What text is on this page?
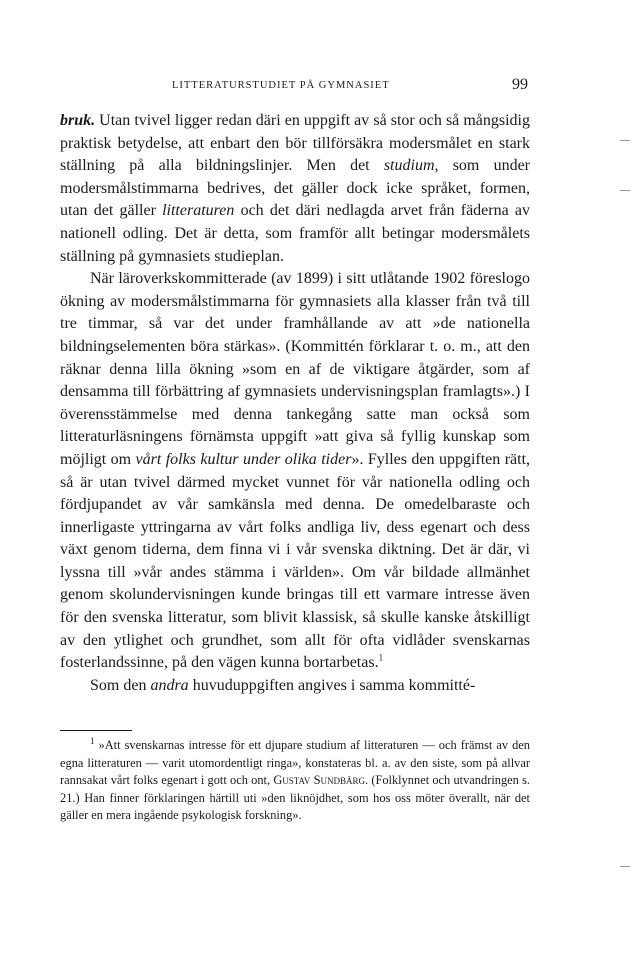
LITTERATURSTUDIET PÅ GYMNASIET	99

bruk. Utan tvivel ligger redan däri en uppgift av så stor och så mångsidig praktisk betydelse, att enbart den bör tillförsäkra modersmålet en stark ställning på alla bildningslinjer. Men det studium, som under modersmålstimmarna bedrives, det gäller dock icke språket, formen, utan det gäller litteraturen och det däri nedlagda arvet från fäderna av nationell odling. Det är detta, som framför allt betingar modersmålets ställning på gymnasiets studieplan.

När läroverkskommitterade (av 1899) i sitt utlåtande 1902 föreslogo ökning av modersmålstimmarna för gymnasiets alla klasser från två till tre timmar, så var det under framhållande av att »de nationella bildningselementen böra stärkas». (Kommittén förklarar t. o. m., att den räknar denna lilla ökning »som en af de viktigare åtgärder, som af densamma till förbättring af gymnasiets undervisningsplan framlagts».) I överensstämmelse med denna tankegång satte man också som litteraturläsningens förnämsta uppgift »att giva så fyllig kunskap som möjligt om vårt folks kultur under olika tider». Fylles den uppgiften rätt, så är utan tvivel därmed mycket vunnet för vår nationella odling och fördjupandet av vår samkänsla med denna. De omedelbaraste och innerligaste yttringarna av vårt folks andliga liv, dess egenart och dess växt genom tiderna, dem finna vi i vår svenska diktning. Det är där, vi lyssna till »vår andes stämma i världen». Om vår bildade allmänhet genom skolundervisningen kunde bringas till ett varmare intresse även för den svenska litteratur, som blivit klassisk, så skulle kanske åtskilligt av den ytlighet och grundhet, som allt för ofta vidlåder svenskarnas fosterlandssinne, på den vägen kunna bortarbetas.$^1$

Som den andra huvuduppgiften angives i samma kommitté-

$^1$ »Att svenskarnas intresse för ett djupare studium af litteraturen — och främst av den egna litteraturen — varit utomordentligt ringa», konstateras bl. a. av den siste, som på allvar rannsakat vårt folks egenart i gott och ont, Gustav Sundbärg. (Folklynnet och utvandringen s. 21.) Han finner förklaringen härtill uti »den liknöjdhet, som hos oss möter överallt, när det gäller en mera ingående psykologisk forskning».
